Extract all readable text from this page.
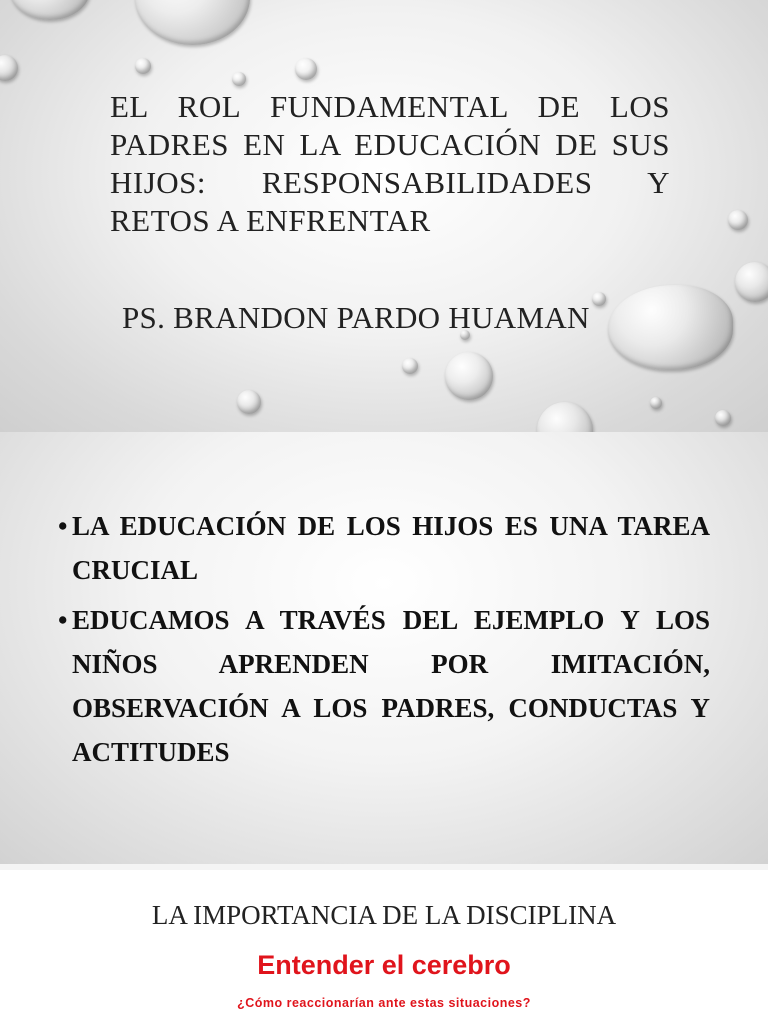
EL ROL FUNDAMENTAL DE LOS PADRES EN LA EDUCACIÓN DE SUS HIJOS: RESPONSABILIDADES Y RETOS A ENFRENTAR
PS. BRANDON PARDO HUAMAN
• LA EDUCACIÓN DE LOS HIJOS ES UNA TAREA CRUCIAL
• EDUCAMOS A TRAVÉS DEL EJEMPLO Y LOS NIÑOS APRENDEN POR IMITACIÓN, OBSERVACIÓN A LOS PADRES, CONDUCTAS Y ACTITUDES
LA IMPORTANCIA DE LA DISCIPLINA
Entender el cerebro

¿Cómo reaccionarían ante estas situaciones?
